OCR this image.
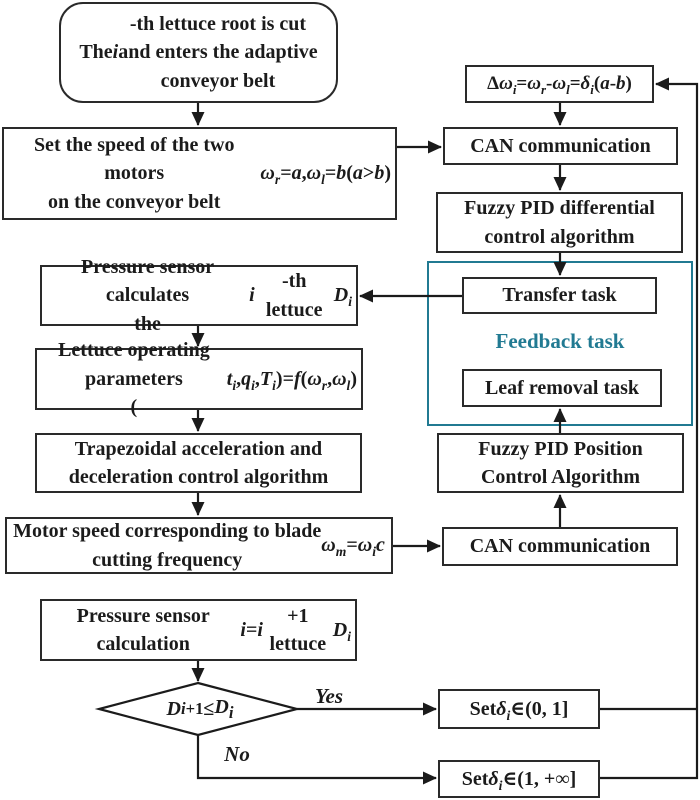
Feedback task
The i
-th lettuce root is cut
and enters the adaptive
conveyor belt
Set the speed of the two motors
on the conveyor belt

$\omega_r = a$ , $\omega_l = b$ ( a > b )
Δ $\omega_i = \omega_r - \omega_l = \delta_i$ ( a - b )
CAN communication
Fuzzy PID differential
control algorithm
Transfer task
Leaf removal task
Pressure sensor calculates
the
i
-th lettuce
$D_i$
Lettuce operating parameters
(
$t_i$ , $q_i$ , $T_i$ )= f ( $\omega_r$ , $\omega_l$ )
Trapezoidal acceleration and
deceleration control algorithm
Fuzzy PID Position
Control Algorithm
Motor speed corresponding to blade
cutting frequency
$\omega_m = \omega_ic$	CAN communication
Pressure sensor calculation

i = i
+1 lettuce
$D_i$
Set $\delta_i$ ∈(0, 1]
Set $\delta_i$ ∈(1, +∞]
D $i+1 \le D_i$
Yes
No
